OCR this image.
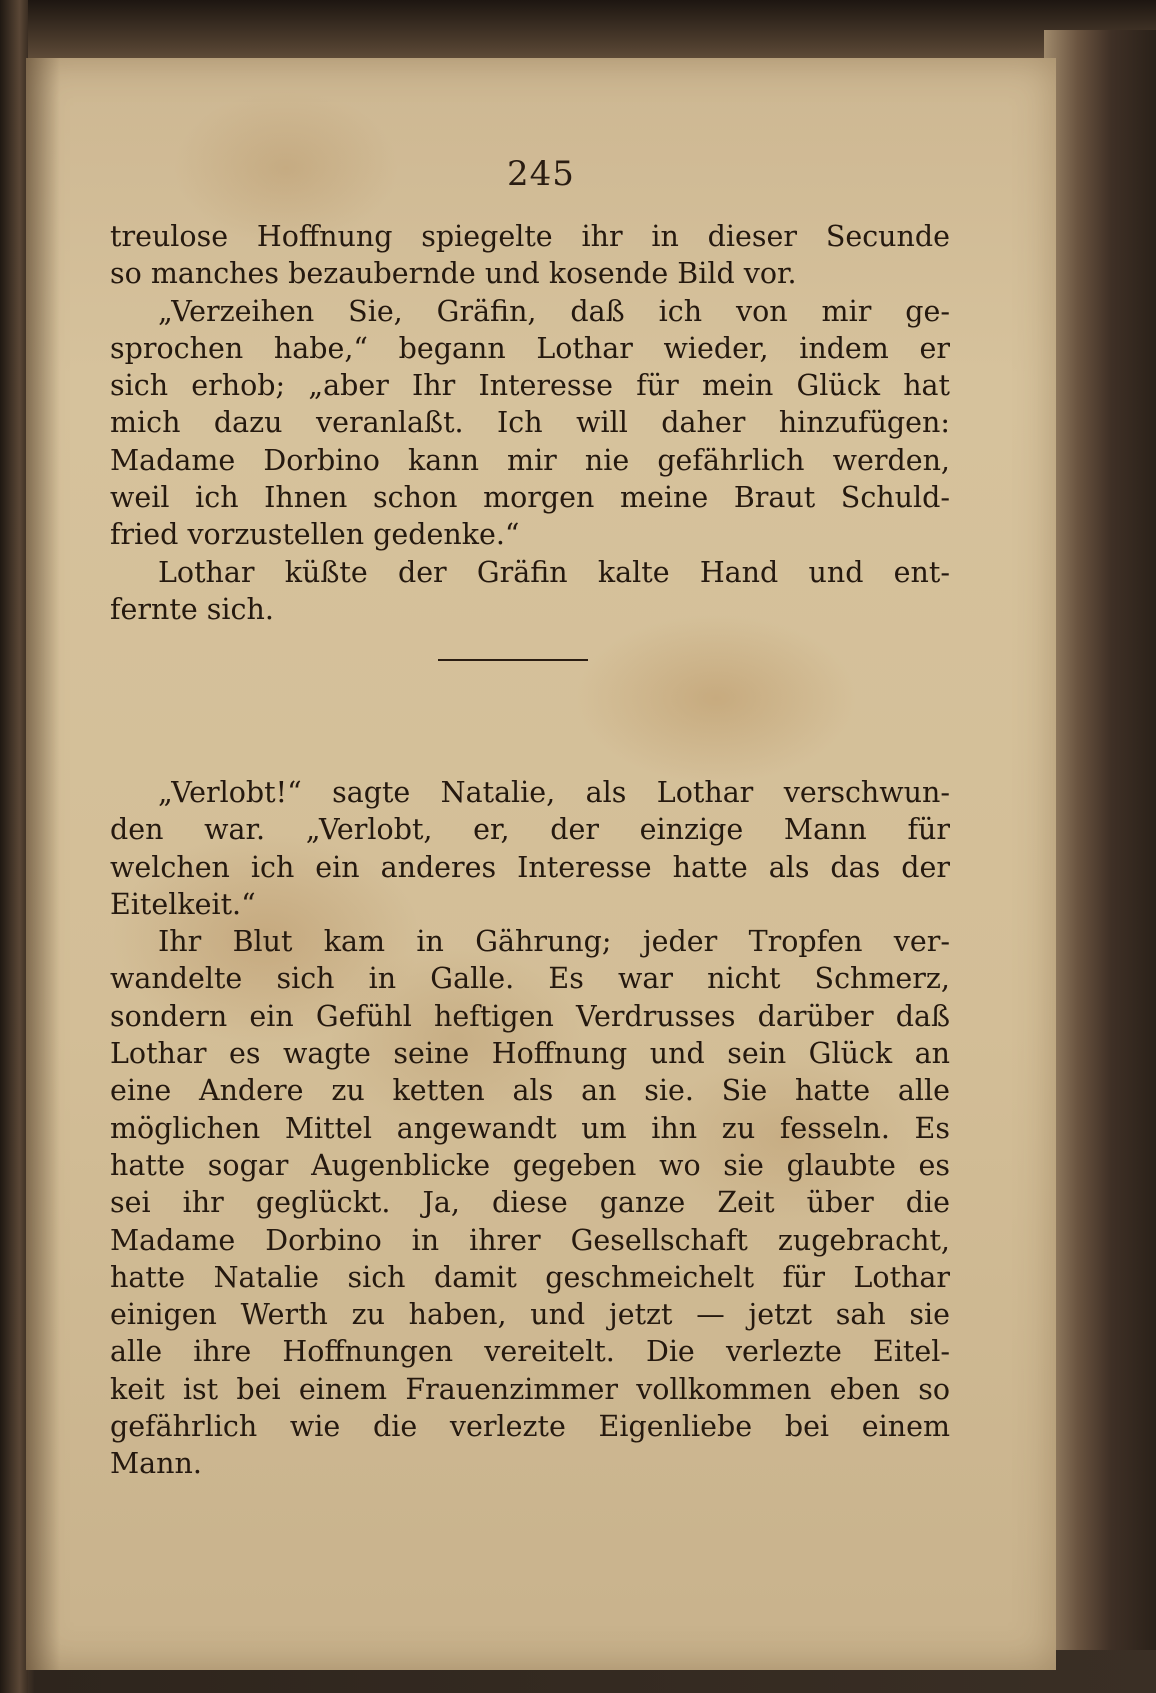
245
treulose Hoffnung spiegelte ihr in dieser Secunde
so manches bezaubernde und kosende Bild vor.
„Verzeihen Sie, Gräfin, daß ich von mir ge-
sprochen habe,“ begann Lothar wieder, indem er
sich erhob; „aber Ihr Interesse für mein Glück hat
mich dazu veranlaßt. Ich will daher hinzufügen:
Madame Dorbino kann mir nie gefährlich werden,
weil ich Ihnen schon morgen meine Braut Schuld-
fried vorzustellen gedenke.“
Lothar küßte der Gräfin kalte Hand und ent-
fernte sich.
„Verlobt!“ sagte Natalie, als Lothar verschwun-
den war. „Verlobt, er, der einzige Mann für
welchen ich ein anderes Interesse hatte als das der
Eitelkeit.“
Ihr Blut kam in Gährung; jeder Tropfen ver-
wandelte sich in Galle. Es war nicht Schmerz,
sondern ein Gefühl heftigen Verdrusses darüber daß
Lothar es wagte seine Hoffnung und sein Glück an
eine Andere zu ketten als an sie. Sie hatte alle
möglichen Mittel angewandt um ihn zu fesseln. Es
hatte sogar Augenblicke gegeben wo sie glaubte es
sei ihr geglückt. Ja, diese ganze Zeit über die
Madame Dorbino in ihrer Gesellschaft zugebracht,
hatte Natalie sich damit geschmeichelt für Lothar
einigen Werth zu haben, und jetzt — jetzt sah sie
alle ihre Hoffnungen vereitelt. Die verlezte Eitel-
keit ist bei einem Frauenzimmer vollkommen eben so
gefährlich wie die verlezte Eigenliebe bei einem
Mann.
